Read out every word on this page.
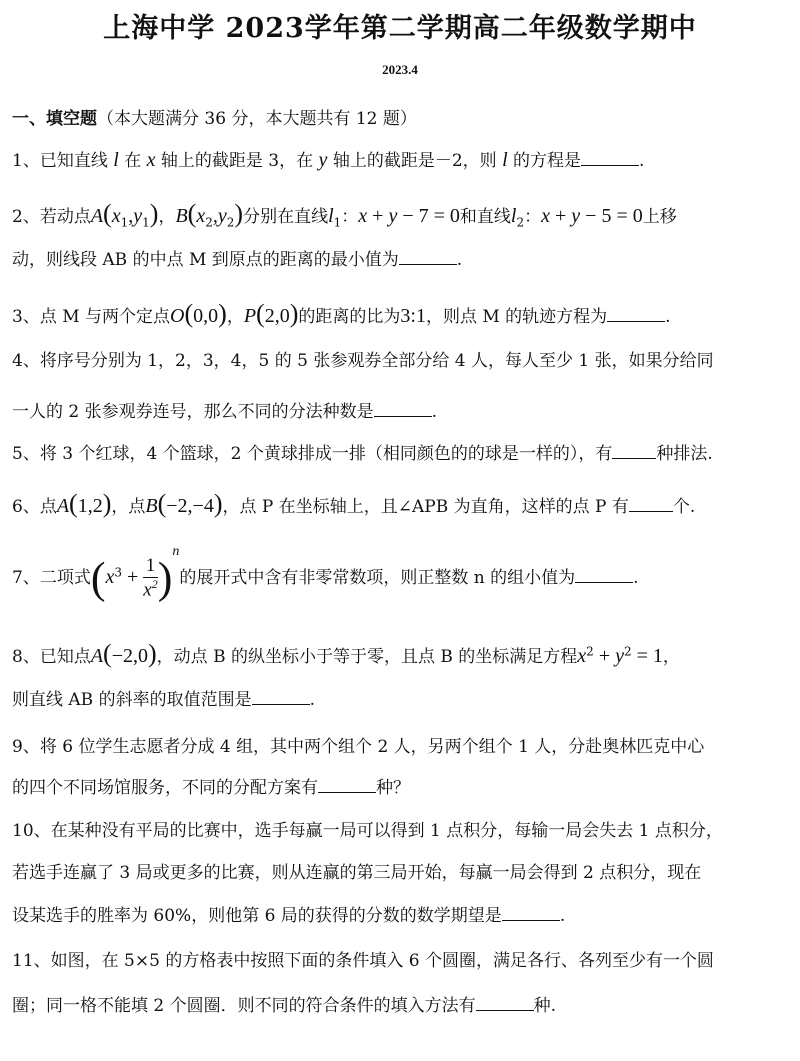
上海中学 2023学年第二学期高二年级数学期中
2023.4
一、填空题（本大题满分 36 分，本大题共有 12 题）
1、已知直线 l 在 x 轴上的截距是 3，在 y 轴上的截距是－2，则 l 的方程是	.
2、若动点$A(x_1,y_1)$，$B(x_2,y_2)$分别在直线$l_1$：x + y − 7 = 0和直线$l_2$：x + y − 5 = 0上移
动，则线段 AB 的中点 M 到原点的距离的最小值为	.
3、点 M 与两个定点O(0,0)，P(2,0)的距离的比为3:1，则点 M 的轨迹方程为	.
4、将序号分别为 1，2，3，4，5 的 5 张参观券全部分给 4 人，每人至少 1 张，如果分给同
一人的 2 张参观券连号，那么不同的分法种数是	.
5、将 3 个红球，4 个篮球，2 个黄球排成一排（相同颜色的的球是一样的），有	种排法.
6、点A(1,2)，点B(−2,−4)，点 P 在坐标轴上，且∠APB 为直角，这样的点 P 有	个.
7、二项式$(x^3 + \frac{1}{x^2} )^n$的展开式中含有非零常数项，则正整数 n 的组小值为	.
8、已知点A(−2,0)，动点 B 的纵坐标小于等于零，且点 B 的坐标满足方程$x^2 + y^2 = 1$，
则直线 AB 的斜率的取值范围是	.
9、将 6 位学生志愿者分成 4 组，其中两个组个 2 人，另两个组个 1 人，分赴奥林匹克中心
的四个不同场馆服务，不同的分配方案有	种？
10、在某种没有平局的比赛中，选手每赢一局可以得到 1 点积分，每输一局会失去 1 点积分，
若选手连赢了 3 局或更多的比赛，则从连赢的第三局开始，每赢一局会得到 2 点积分，现在
设某选手的胜率为 60%，则他第 6 局的获得的分数的数学期望是	.
11、如图，在 5×5 的方格表中按照下面的条件填入 6 个圆圈，满足各行、各列至少有一个圆
圈；同一格不能填 2 个圆圈．则不同的符合条件的填入方法有	种.
